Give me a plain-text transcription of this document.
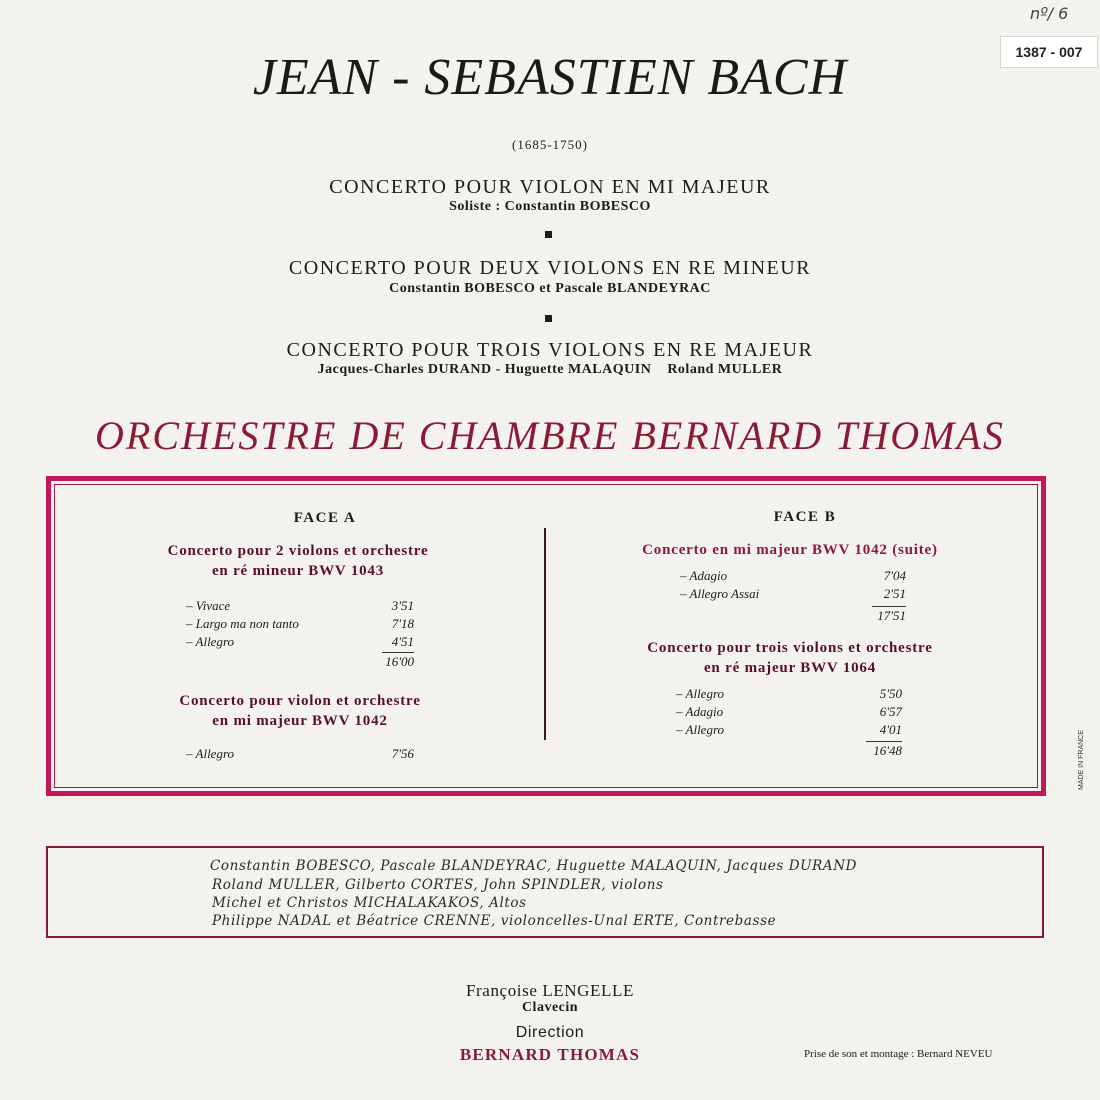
nº/ 6
1387 - 007
JEAN - SEBASTIEN BACH
(1685-1750)
CONCERTO POUR VIOLON EN MI MAJEUR
Soliste : Constantin BOBESCO
CONCERTO POUR DEUX VIOLONS EN RE MINEUR
Constantin BOBESCO et Pascale BLANDEYRAC
CONCERTO POUR TROIS VIOLONS EN RE MAJEUR
Jacques-Charles DURAND - Huguette MALAQUIN Roland MULLER
ORCHESTRE DE CHAMBRE BERNARD THOMAS
FACE A
Concerto pour 2 violons et orchestre
en ré mineur BWV 1043
– Vivace	3'51
– Largo ma non tanto	7'18
– Allegro	4'51
16'00
Concerto pour violon et orchestre
en mi majeur BWV 1042
– Allegro	7'56
FACE B
Concerto en mi majeur BWV 1042 (suite)
– Adagio	7'04
– Allegro Assai	2'51
17'51
Concerto pour trois violons et orchestre
en ré majeur BWV 1064
– Allegro	5'50
– Adagio	6'57
– Allegro	4'01
16'48
Constantin BOBESCO, Pascale BLANDEYRAC, Huguette MALAQUIN, Jacques DURAND
Roland MULLER, Gilberto CORTES, John SPINDLER, violons
Michel et Christos MICHALAKAKOS, Altos
Philippe NADAL et Béatrice CRENNE, violoncelles-Unal ERTE, Contrebasse
Françoise LENGELLE
Clavecin
Direction
BERNARD THOMAS	Prise de son et montage : Bernard NEVEU
MADE IN FRANCE
